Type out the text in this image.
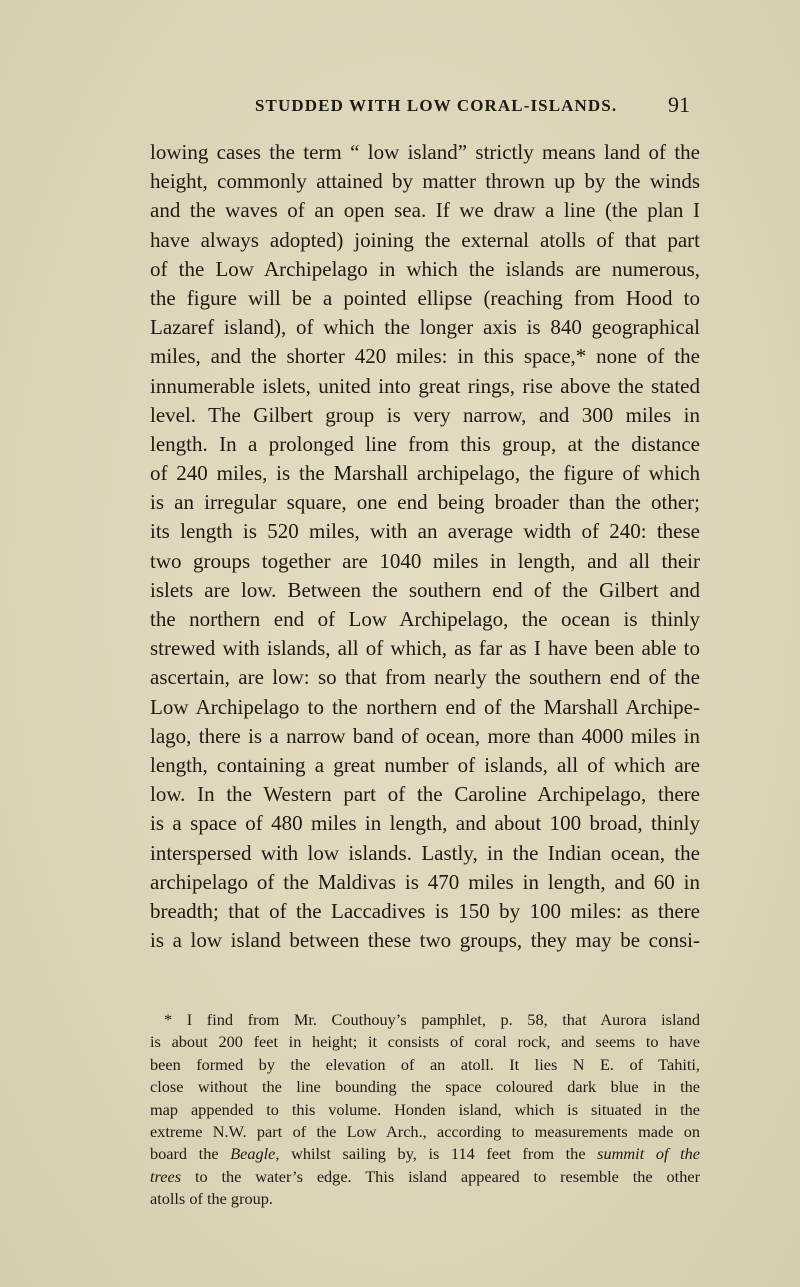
STUDDED WITH LOW CORAL-ISLANDS. 91
lowing cases the term “ low island” strictly means land of the
height, commonly attained by matter thrown up by the winds
and the waves of an open sea. If we draw a line (the plan I
have always adopted) joining the external atolls of that part
of the Low Archipelago in which the islands are numerous,
the figure will be a pointed ellipse (reaching from Hood to
Lazaref island), of which the longer axis is 840 geographical
miles, and the shorter 420 miles: in this space,* none of the
innumerable islets, united into great rings, rise above the stated
level. The Gilbert group is very narrow, and 300 miles in
length. In a prolonged line from this group, at the distance
of 240 miles, is the Marshall archipelago, the figure of which
is an irregular square, one end being broader than the other;
its length is 520 miles, with an average width of 240: these
two groups together are 1040 miles in length, and all their
islets are low. Between the southern end of the Gilbert and
the northern end of Low Archipelago, the ocean is thinly
strewed with islands, all of which, as far as I have been able to
ascertain, are low: so that from nearly the southern end of the
Low Archipelago to the northern end of the Marshall Archipe-
lago, there is a narrow band of ocean, more than 4000 miles in
length, containing a great number of islands, all of which are
low. In the Western part of the Caroline Archipelago, there
is a space of 480 miles in length, and about 100 broad, thinly
interspersed with low islands. Lastly, in the Indian ocean, the
archipelago of the Maldivas is 470 miles in length, and 60 in
breadth; that of the Laccadives is 150 by 100 miles: as there
is a low island between these two groups, they may be consi-
* I find from Mr. Couthouy’s pamphlet, p. 58, that Aurora island
is about 200 feet in height; it consists of coral rock, and seems to have
been formed by the elevation of an atoll. It lies N E. of Tahiti,
close without the line bounding the space coloured dark blue in the
map appended to this volume. Honden island, which is situated in the
extreme N.W. part of the Low Arch., according to measurements made on
board the Beagle, whilst sailing by, is 114 feet from the summit of the
trees to the water’s edge. This island appeared to resemble the other
atolls of the group.
